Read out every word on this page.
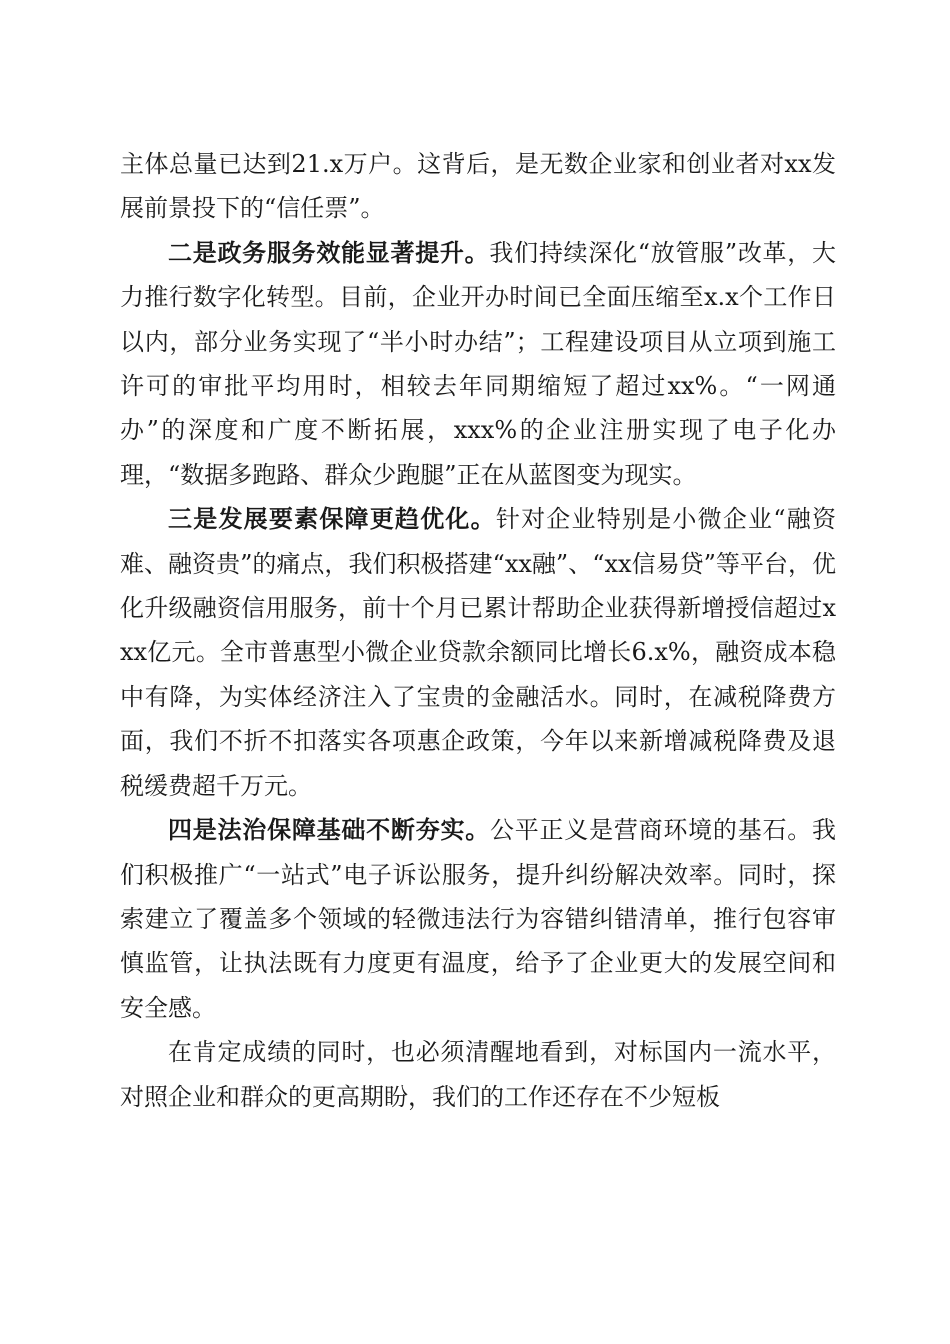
主体总量已达到21.x万户。这背后，是无数企业家和创业者对xx发展前景投下的“信任票”。

二是政务服务效能显著提升。我们持续深化“放管服”改革，大力推行数字化转型。目前，企业开办时间已全面压缩至x.x个工作日以内，部分业务实现了“半小时办结”；工程建设项目从立项到施工许可的审批平均用时，相较去年同期缩短了超过xx%。“一网通办”的深度和广度不断拓展，xxx%的企业注册实现了电子化办理，“数据多跑路、群众少跑腿”正在从蓝图变为现实。

三是发展要素保障更趋优化。针对企业特别是小微企业“融资难、融资贵”的痛点，我们积极搭建“xx融”、“xx信易贷”等平台，优化升级融资信用服务，前十个月已累计帮助企业获得新增授信超过xxx亿元。全市普惠型小微企业贷款余额同比增长6.x%，融资成本稳中有降，为实体经济注入了宝贵的金融活水。同时，在减税降费方面，我们不折不扣落实各项惠企政策，今年以来新增减税降费及退税缓费超千万元。

四是法治保障基础不断夯实。公平正义是营商环境的基石。我们积极推广“一站式”电子诉讼服务，提升纠纷解决效率。同时，探索建立了覆盖多个领域的轻微违法行为容错纠错清单，推行包容审慎监管，让执法既有力度更有温度，给予了企业更大的发展空间和安全感。

在肯定成绩的同时，也必须清醒地看到，对标国内一流水平，对照企业和群众的更高期盼，我们的工作还存在不少短板
